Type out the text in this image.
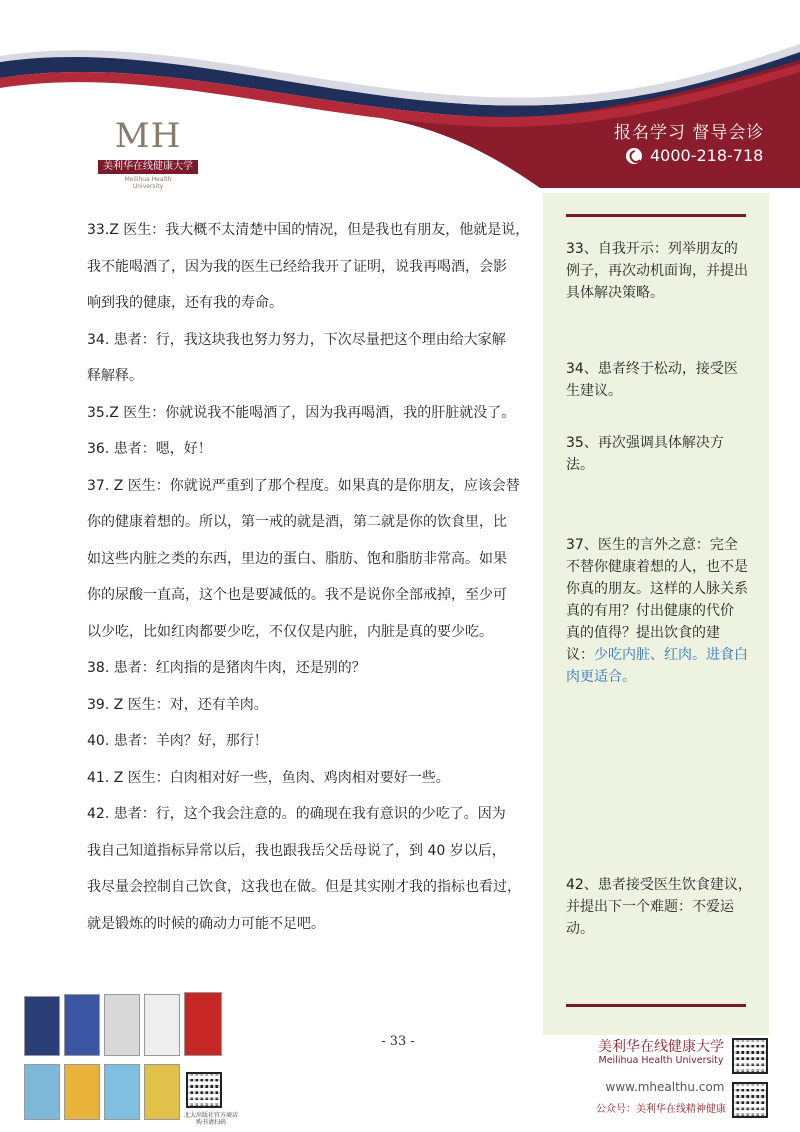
MH
美利华在线健康大学
Meilihua Health University
报名学习 督导会诊
4000-218-718
33、自我开示：列举朋友的
例子，再次动机面询，并提出
具体解决策略。
34、患者终于松动，接受医
生建议。
35、再次强调具体解决方
法。
37、医生的言外之意：完全
不替你健康着想的人，也不是
你真的朋友。这样的人脉关系
真的有用？付出健康的代价
真的值得？提出饮食的建
议：少吃内脏、红肉。进食白
肉更适合。
42、患者接受医生饮食建议，
并提出下一个难题：不爱运
动。
33.Z 医生：我大概不太清楚中国的情况，但是我也有朋友，他就是说，
我不能喝酒了，因为我的医生已经给我开了证明，说我再喝酒，会影
响到我的健康，还有我的寿命。
34. 患者：行，我这块我也努力努力，下次尽量把这个理由给大家解
释解释。
35.Z 医生：你就说我不能喝酒了，因为我再喝酒，我的肝脏就没了。
36. 患者：嗯，好！
37. Z 医生：你就说严重到了那个程度。如果真的是你朋友，应该会替
你的健康着想的。所以，第一戒的就是酒，第二就是你的饮食里，比
如这些内脏之类的东西，里边的蛋白、脂肪、饱和脂肪非常高。如果
你的尿酸一直高，这个也是要减低的。我不是说你全部戒掉，至少可
以少吃，比如红肉都要少吃，不仅仅是内脏，内脏是真的要少吃。
38. 患者：红肉指的是猪肉牛肉，还是别的？
39. Z 医生：对，还有羊肉。
40. 患者：羊肉？好，那行！
41. Z 医生：白肉相对好一些，鱼肉、鸡肉相对要好一些。
42. 患者：行，这个我会注意的。的确现在我有意识的少吃了。因为
我自己知道指标异常以后，我也跟我岳父岳母说了，到 40 岁以后，
我尽量会控制自己饮食，这我也在做。但是其实刚才我的指标也看过，
就是锻炼的时候的确动力可能不足吧。
- 33 -
北大出版社官方商店 购书请扫码
美利华在线健康大学
Meilihua Health University
www.mhealthu.com
公众号：美利华在线精神健康
